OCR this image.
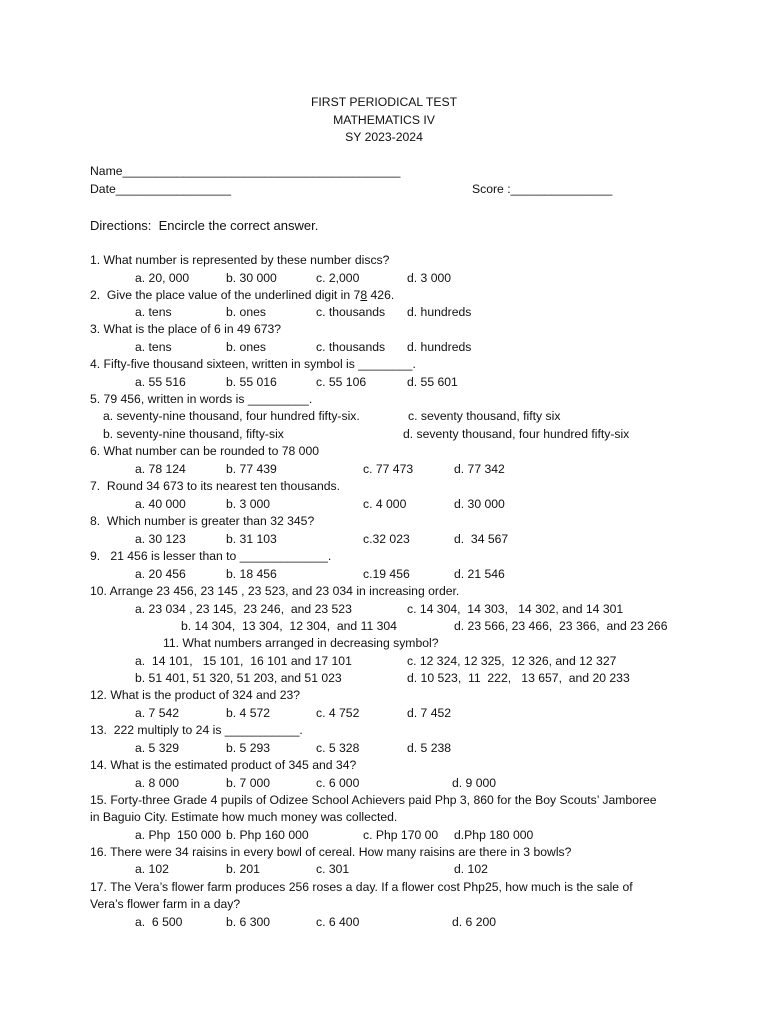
FIRST PERIODICAL TEST
MATHEMATICS IV
SY 2023-2024
Name_________________________________________
Date_________________	Score :_______________
Directions:  Encircle the correct answer.
1. What number is represented by these number discs?

a. 20, 000

	b. 30 000

	c. 2,000

	d. 3 000

2.  Give the place value of the underlined digit in 78 426.

a. tens

	b. ones

	c. thousands

d. hundreds

3. What is the place of 6 in 49 673?

a. tens

	b. ones

	c. thousands

d. hundreds

4. Fifty-five thousand sixteen, written in symbol is ________.

a. 55 516

	b. 55 016

	c. 55 106

	d. 55 601

5. 79 456, written in words is _________.

a. seventy-nine thousand, four hundred fifty-six.

	c. seventy thousand, fifty six

b. seventy-nine thousand, fifty-six

	d. seventy thousand, four hundred fifty-six

6. What number can be rounded to 78 000

a. 78 124

	b. 77 439

	c. 77 473

	d. 77 342

7.  Round 34 673 to its nearest ten thousands.

a. 40 000

	b. 3 000

	c. 4 000

	d. 30 000

8.  Which number is greater than 32 345?

a. 30 123

	b. 31 103

	c.32 023

	d.  34 567

9.   21 456 is lesser than to _____________.

a. 20 456

	b. 18 456

	c.19 456

	d. 21 546

10. Arrange 23 456, 23 145 , 23 523, and 23 034 in increasing order.

a. 23 034 , 23 145,  23 246,  and 23 523

	c. 14 304,  14 303,   14 302, and 14 301

b. 14 304,  13 304,  12 304,  and 11 304

	d. 23 566, 23 466,  23 366,  and 23 266

11. What numbers arranged in decreasing symbol?

a.  14 101,   15 101,  16 101 and 17 101

	c. 12 324, 12 325,  12 326, and 12 327

b. 51 401, 51 320, 51 203, and 51 023

	d. 10 523,  11  222,   13 657,  and 20 233

12. What is the product of 324 and 23?

a. 7 542

	b. 4 572

	c. 4 752

	d. 7 452

13.  222 multiply to 24 is ___________.

a. 5 329

	b. 5 293

	c. 5 328

	d. 5 238

14. What is the estimated product of 345 and 34?

a. 8 000

	b. 7 000

	c. 6 000

	d. 9 000

15. Forty-three Grade 4 pupils of Odizee School Achievers paid Php 3, 860 for the Boy Scouts’ Jamboree
in Baguio City. Estimate how much money was collected.

a. Php  150 000

b. Php 160 000

	c. Php 170 00

d.Php 180 000

16. There were 34 raisins in every bowl of cereal. How many raisins are there in 3 bowls?

a. 102

	b. 201

	c. 301

	d. 102

17. The Vera’s flower farm produces 256 roses a day. If a flower cost Php25, how much is the sale of
Vera’s flower farm in a day?

a.  6 500

	b. 6 300

	c. 6 400

	d. 6 200
